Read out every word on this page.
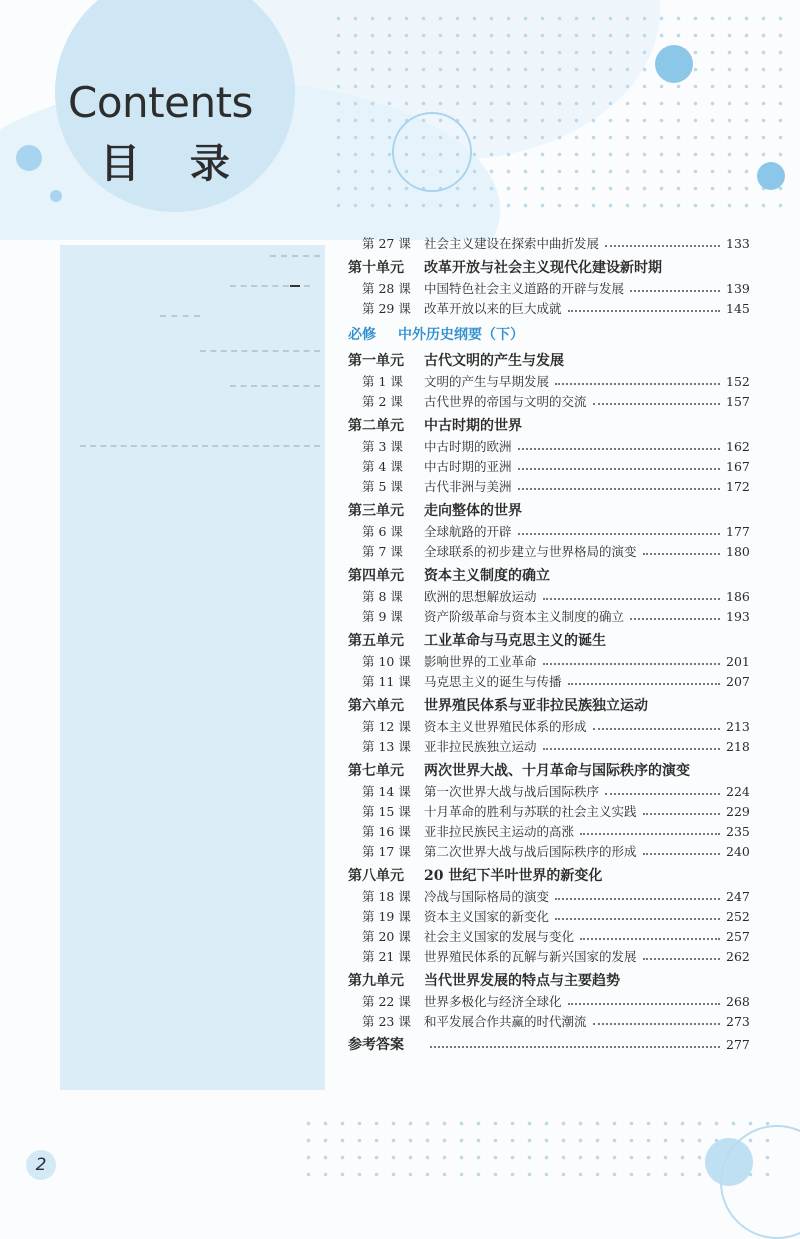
Contents
目 录
第 27 课	社会主义建设在探索中曲折发展	133
第十单元 改革开放与社会主义现代化建设新时期
第 28 课	中国特色社会主义道路的开辟与发展	139
第 29 课	改革开放以来的巨大成就	145
必修 中外历史纲要（下）
第一单元 古代文明的产生与发展
第 1 课	文明的产生与早期发展	152
第 2 课	古代世界的帝国与文明的交流	157
第二单元 中古时期的世界
第 3 课	中古时期的欧洲	162
第 4 课	中古时期的亚洲	167
第 5 课	古代非洲与美洲	172
第三单元 走向整体的世界
第 6 课	全球航路的开辟	177
第 7 课	全球联系的初步建立与世界格局的演变	180
第四单元 资本主义制度的确立
第 8 课	欧洲的思想解放运动	186
第 9 课	资产阶级革命与资本主义制度的确立	193
第五单元 工业革命与马克思主义的诞生
第 10 课	影响世界的工业革命	201
第 11 课	马克思主义的诞生与传播	207
第六单元 世界殖民体系与亚非拉民族独立运动
第 12 课	资本主义世界殖民体系的形成	213
第 13 课	亚非拉民族独立运动	218
第七单元 两次世界大战、十月革命与国际秩序的演变
第 14 课	第一次世界大战与战后国际秩序	224
第 15 课	十月革命的胜利与苏联的社会主义实践	229
第 16 课	亚非拉民族民主运动的高涨	235
第 17 课	第二次世界大战与战后国际秩序的形成	240
第八单元 20 世纪下半叶世界的新变化
第 18 课	冷战与国际格局的演变	247
第 19 课	资本主义国家的新变化	252
第 20 课	社会主义国家的发展与变化	257
第 21 课	世界殖民体系的瓦解与新兴国家的发展	262
第九单元 当代世界发展的特点与主要趋势
第 22 课	世界多极化与经济全球化	268
第 23 课	和平发展合作共赢的时代潮流	273
参考答案	277
2
